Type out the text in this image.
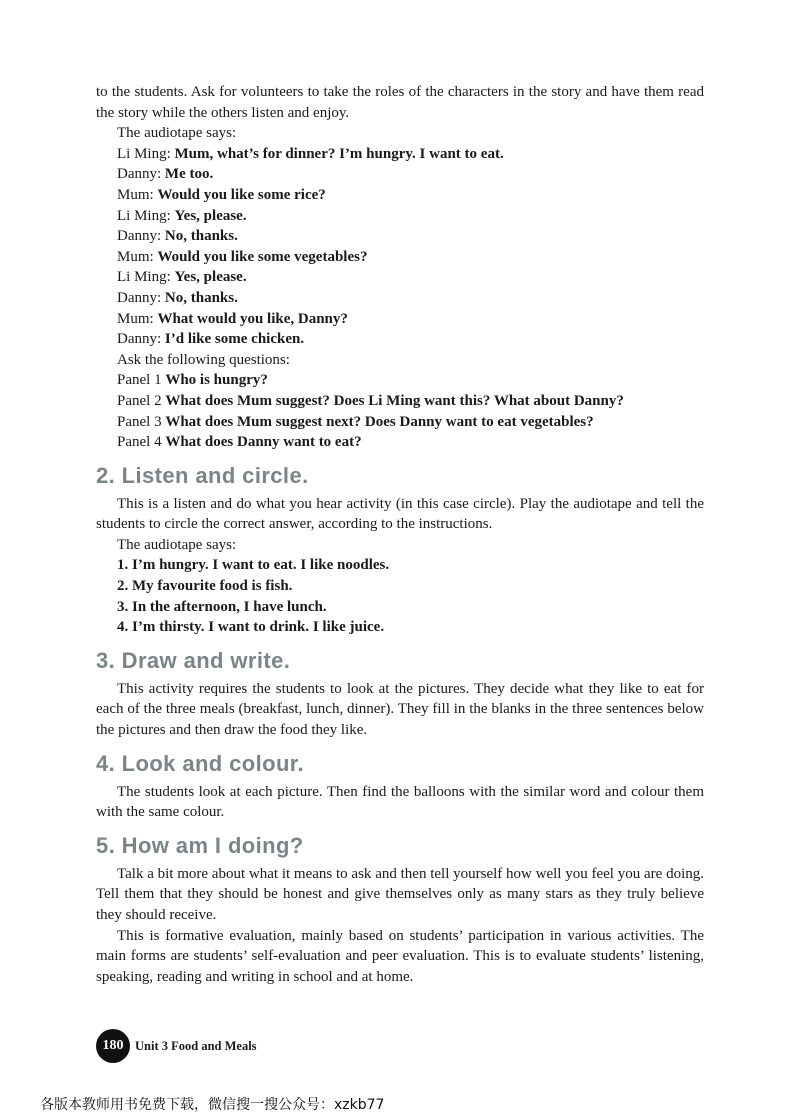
to the students. Ask for volunteers to take the roles of the characters in the story and have them read the story while the others listen and enjoy.

The audiotape says:

Li Ming: Mum, what’s for dinner? I’m hungry. I want to eat.

Danny: Me too.

Mum: Would you like some rice?

Li Ming: Yes, please.

Danny: No, thanks.

Mum: Would you like some vegetables?

Li Ming: Yes, please.

Danny: No, thanks.

Mum: What would you like, Danny?

Danny: I’d like some chicken.

Ask the following questions:

Panel 1 Who is hungry?

Panel 2 What does Mum suggest? Does Li Ming want this? What about Danny?

Panel 3 What does Mum suggest next? Does Danny want to eat vegetables?

Panel 4 What does Danny want to eat?

2. Listen and circle.

This is a listen and do what you hear activity (in this case circle). Play the audiotape and tell the students to circle the correct answer, according to the instructions.

The audiotape says:

1. I’m hungry. I want to eat. I like noodles.

2. My favourite food is fish.

3. In the afternoon, I have lunch.

4. I’m thirsty. I want to drink. I like juice.

3. Draw and write.

This activity requires the students to look at the pictures. They decide what they like to eat for each of the three meals (breakfast, lunch, dinner). They fill in the blanks in the three sentences below the pictures and then draw the food they like.

4. Look and colour.

The students look at each picture. Then find the balloons with the similar word and colour them with the same colour.

5. How am I doing?

Talk a bit more about what it means to ask and then tell yourself how well you feel you are doing. Tell them that they should be honest and give themselves only as many stars as they truly believe they should receive.

This is formative evaluation, mainly based on students’ participation in various activities. The main forms are students’ self-evaluation and peer evaluation. This is to evaluate students’ listening, speaking, reading and writing in school and at home.

180 Unit 3 Food and Meals
各版本教师用书免费下载，微信搜一搜公众号：xzkb77
